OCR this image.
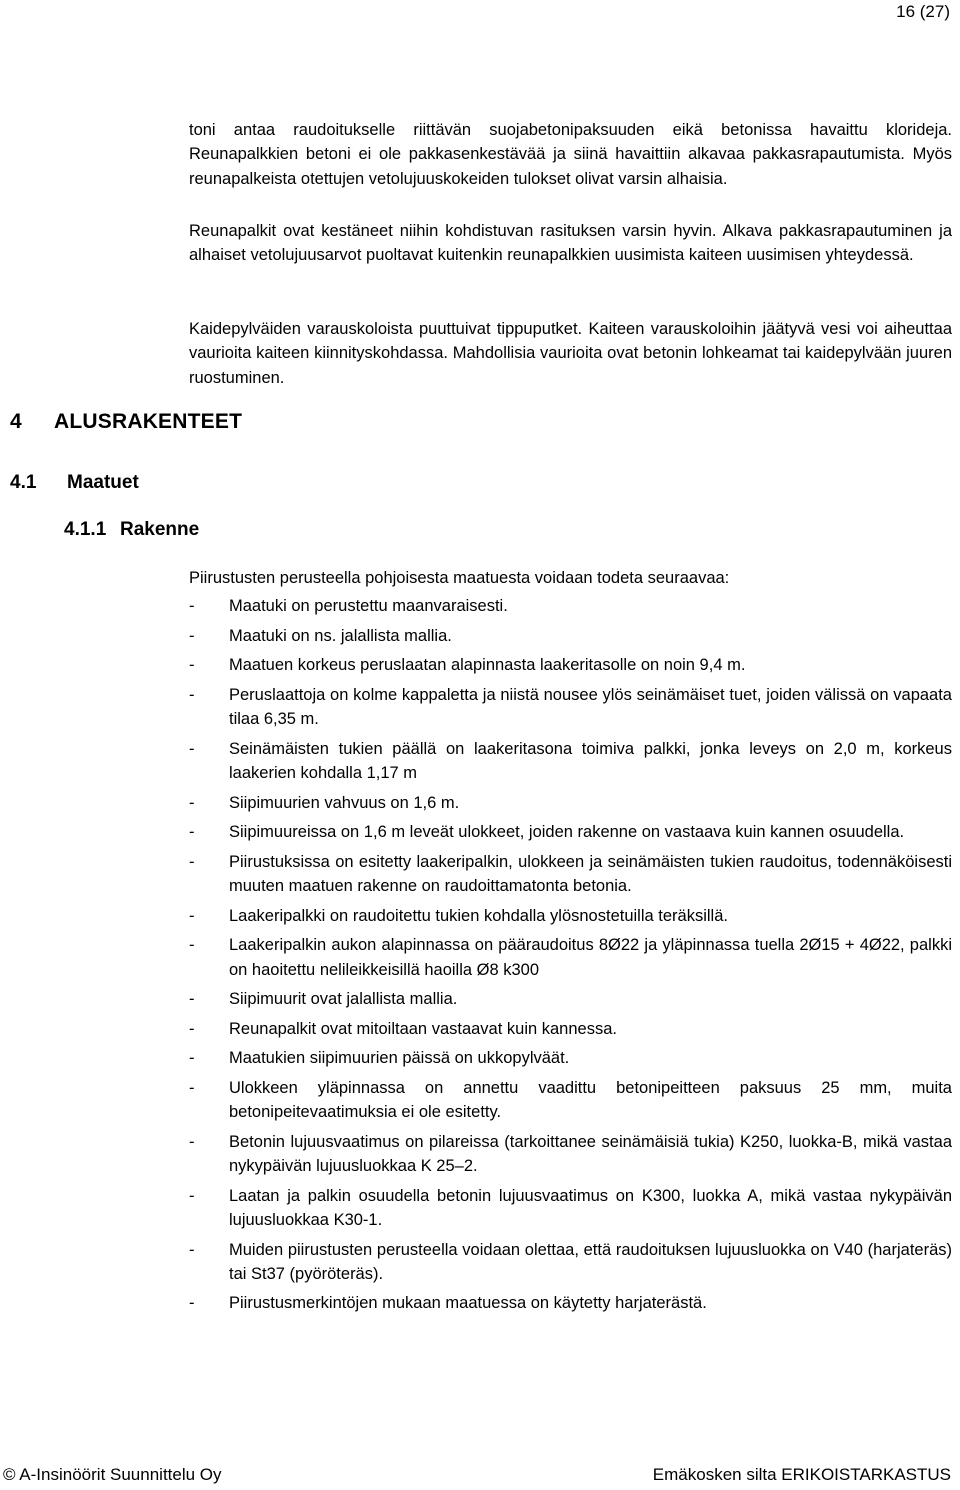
16 (27)

toni antaa raudoitukselle riittävän suojabetonipaksuuden eikä betonissa havaittu klorideja. Reunapalkkien betoni ei ole pakkasenkestävää ja siinä havaittiin alkavaa pakkasrapautumista. Myös reunapalkeista otettujen vetolujuuskokeiden tulokset olivat varsin alhaisia.

Reunapalkit ovat kestäneet niihin kohdistuvan rasituksen varsin hyvin. Alkava pakkasrapautuminen ja alhaiset vetolujuusarvot puoltavat kuitenkin reunapalkkien uusimista kaiteen uusimisen yhteydessä.

Kaidepylväiden varauskoloista puuttuivat tippuputket. Kaiteen varauskoloihin jäätyvä vesi voi aiheuttaa vaurioita kaiteen kiinnityskohdassa. Mahdollisia vaurioita ovat betonin lohkeamat tai kaidepylvään juuren ruostuminen.

4 ALUSRAKENTEET
4.1 Maatuet
4.1.1 Rakenne

Piirustusten perusteella pohjoisesta maatuesta voidaan todeta seuraavaa:

- Maatuki on perustettu maanvaraisesti.
- Maatuki on ns. jalallista mallia.
- Maatuen korkeus peruslaatan alapinnasta laakeritasolle on noin 9,4 m.
- Peruslaattoja on kolme kappaletta ja niistä nousee ylös seinämäiset tuet, joiden välissä on vapaata tilaa 6,35 m.
- Seinämäisten tukien päällä on laakeritasona toimiva palkki, jonka leveys on 2,0 m, korkeus laakerien kohdalla 1,17 m
- Siipimuurien vahvuus on 1,6 m.
- Siipimuureissa on 1,6 m leveät ulokkeet, joiden rakenne on vastaava kuin kannen osuudella.
- Piirustuksissa on esitetty laakeripalkin, ulokkeen ja seinämäisten tukien raudoitus, todennäköisesti muuten maatuen rakenne on raudoittamatonta betonia.
- Laakeripalkki on raudoitettu tukien kohdalla ylösnostetuilla teräksillä.
- Laakeripalkin aukon alapinnassa on pääraudoitus 8Ø22 ja yläpinnassa tuella 2Ø15 + 4Ø22, palkki on haoitettu nelileikkeisillä haoilla Ø8 k300
- Siipimuurit ovat jalallista mallia.
- Reunapalkit ovat mitoiltaan vastaavat kuin kannessa.
- Maatukien siipimuurien päissä on ukkopylväät.
- Ulokkeen yläpinnassa on annettu vaadittu betonipeitteen paksuus 25 mm, muita betonipeitevaatimuksia ei ole esitetty.
- Betonin lujuusvaatimus on pilareissa (tarkoittanee seinämäisiä tukia) K250, luokka-B, mikä vastaa nykypäivän lujuusluokkaa K 25–2.
- Laatan ja palkin osuudella betonin lujuusvaatimus on K300, luokka A, mikä vastaa nykypäivän lujuusluokkaa K30-1.
- Muiden piirustusten perusteella voidaan olettaa, että raudoituksen lujuusluokka on V40 (harjateräs) tai St37 (pyöröteräs).
- Piirustusmerkintöjen mukaan maatuessa on käytetty harjaterästä.
© A-Insinöörit Suunnittelu Oy	Emäkosken silta ERIKOISTARKASTUS
